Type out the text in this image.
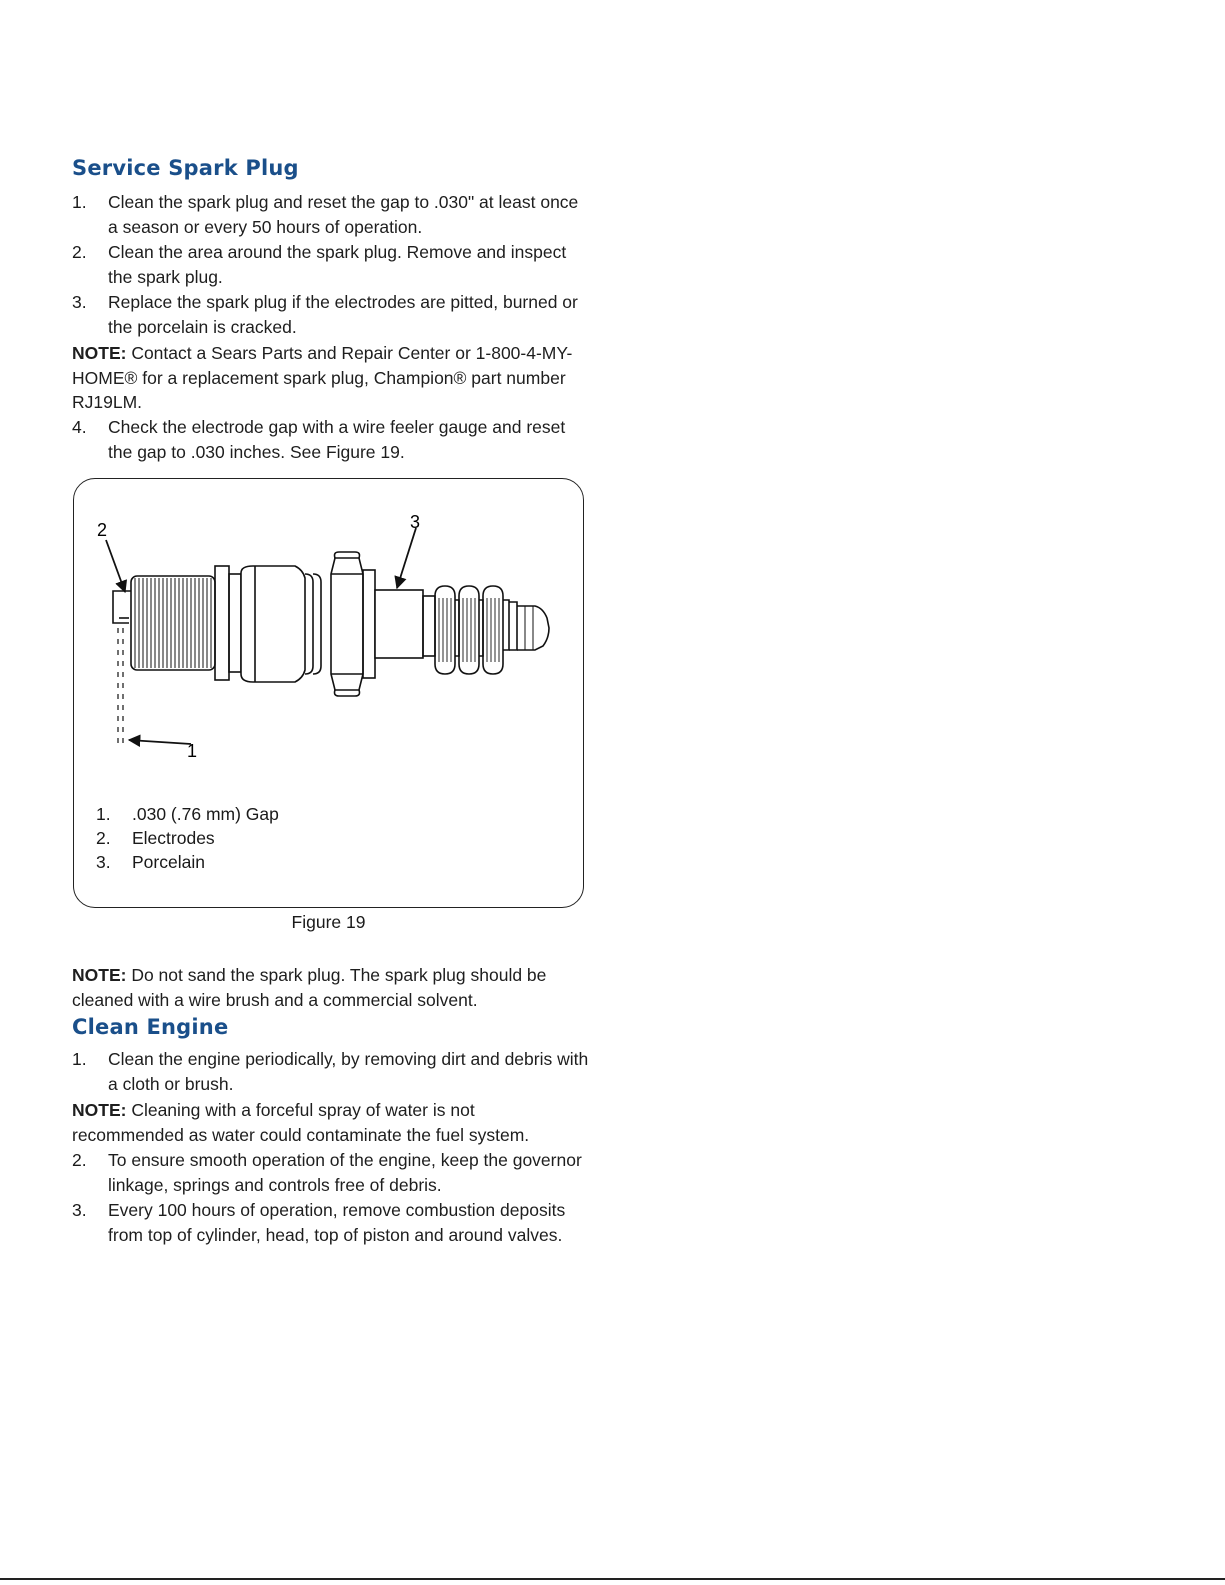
Service Spark Plug
1.	Clean the spark plug and reset the gap to .030" at least once a season or every 50 hours of operation.
2.	Clean the area around the spark plug. Remove and inspect the spark plug.
3.	Replace the spark plug if the electrodes are pitted, burned or the porcelain is cracked.
NOTE: Contact a Sears Parts and Repair Center or 1-800-4-MY-HOME® for a replacement spark plug, Champion® part number RJ19LM.
4.	Check the electrode gap with a wire feeler gauge and reset the gap to .030 inches. See Figure 19.
2	3
1
1. .030 (.76 mm) Gap
2. Electrodes
3. Porcelain
Figure 19
NOTE: Do not sand the spark plug. The spark plug should be cleaned with a wire brush and a commercial solvent.
Clean Engine
1.	Clean the engine periodically, by removing dirt and debris with a cloth or brush.
NOTE: Cleaning with a forceful spray of water is not recommended as water could contaminate the fuel system.
2.	To ensure smooth operation of the engine, keep the governor linkage, springs and controls free of debris.
3.	Every 100 hours of operation, remove combustion deposits from top of cylinder, head, top of piston and around valves.
